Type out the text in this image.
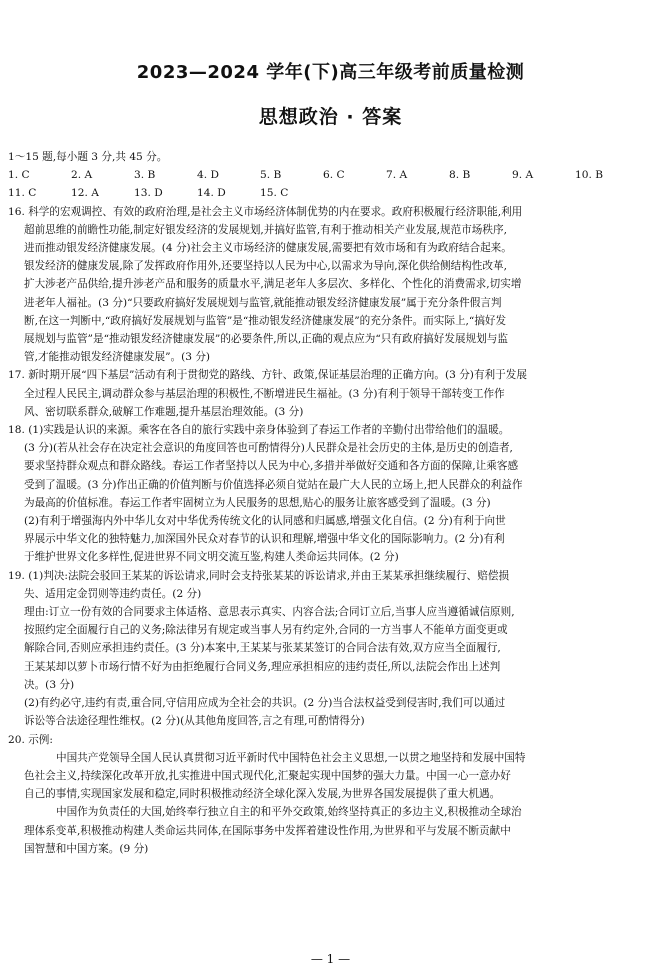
2023—2024 学年(下)高三年级考前质量检测
思想政治 · 答案
1～15 题,每小题 3 分,共 45 分。
1. C	2. A	3. B	4. D	5. B	6. C	7. A	8. B	9. A	10. B
11. C	12. A	13. D	14. D	15. C
16. 科学的宏观调控、有效的政府治理,是社会主义市场经济体制优势的内在要求。政府积极履行经济职能,利用
超前思维的前瞻性功能,制定好银发经济的发展规划,并搞好监管,有利于推动相关产业发展,规范市场秩序,
进而推动银发经济健康发展。(4 分)社会主义市场经济的健康发展,需要把有效市场和有为政府结合起来。
银发经济的健康发展,除了发挥政府作用外,还要坚持以人民为中心,以需求为导向,深化供给侧结构性改革,
扩大涉老产品供给,提升涉老产品和服务的质量水平,满足老年人多层次、多样化、个性化的消费需求,切实增
进老年人福祉。(3 分)“只要政府搞好发展规划与监管,就能推动银发经济健康发展”属于充分条件假言判
断,在这一判断中,“政府搞好发展规划与监管”是“推动银发经济健康发展”的充分条件。而实际上,“搞好发
展规划与监管”是“推动银发经济健康发展”的必要条件,所以,正确的观点应为“只有政府搞好发展规划与监
管,才能推动银发经济健康发展”。(3 分)
17. 新时期开展“四下基层”活动有利于贯彻党的路线、方针、政策,保证基层治理的正确方向。(3 分)有利于发展
全过程人民民主,调动群众参与基层治理的积极性,不断增进民生福祉。(3 分)有利于领导干部转变工作作
风、密切联系群众,破解工作难题,提升基层治理效能。(3 分)
18. (1)实践是认识的来源。乘客在各自的旅行实践中亲身体验到了春运工作者的辛勤付出带给他们的温暖。
(3 分)(若从社会存在决定社会意识的角度回答也可酌情得分)人民群众是社会历史的主体,是历史的创造者,
要求坚持群众观点和群众路线。春运工作者坚持以人民为中心,多措并举做好交通和各方面的保障,让乘客感
受到了温暖。(3 分)作出正确的价值判断与价值选择必须自觉站在最广大人民的立场上,把人民群众的利益作
为最高的价值标准。春运工作者牢固树立为人民服务的思想,贴心的服务让旅客感受到了温暖。(3 分)
(2)有利于增强海内外中华儿女对中华优秀传统文化的认同感和归属感,增强文化自信。(2 分)有利于向世
界展示中华文化的独特魅力,加深国外民众对春节的认识和理解,增强中华文化的国际影响力。(2 分)有利
于维护世界文化多样性,促进世界不同文明交流互鉴,构建人类命运共同体。(2 分)
19. (1)判决:法院会驳回王某某的诉讼请求,同时会支持张某某的诉讼请求,并由王某某承担继续履行、赔偿损
失、适用定金罚则等违约责任。(2 分)
理由:订立一份有效的合同要求主体适格、意思表示真实、内容合法;合同订立后,当事人应当遵循诚信原则,
按照约定全面履行自己的义务;除法律另有规定或当事人另有约定外,合同的一方当事人不能单方面变更或
解除合同,否则应承担违约责任。(3 分)本案中,王某某与张某某签订的合同合法有效,双方应当全面履行,
王某某却以萝卜市场行情不好为由拒绝履行合同义务,理应承担相应的违约责任,所以,法院会作出上述判
决。(3 分)
(2)有约必守,违约有责,重合同,守信用应成为全社会的共识。(2 分)当合法权益受到侵害时,我们可以通过
诉讼等合法途径理性维权。(2 分)(从其他角度回答,言之有理,可酌情得分)
20. 示例:
中国共产党领导全国人民认真贯彻习近平新时代中国特色社会主义思想,一以贯之地坚持和发展中国特
色社会主义,持续深化改革开放,扎实推进中国式现代化,汇聚起实现中国梦的强大力量。中国一心一意办好
自己的事情,实现国家发展和稳定,同时积极推动经济全球化深入发展,为世界各国发展提供了重大机遇。
中国作为负责任的大国,始终奉行独立自主的和平外交政策,始终坚持真正的多边主义,积极推动全球治
理体系变革,积极推动构建人类命运共同体,在国际事务中发挥着建设性作用,为世界和平与发展不断贡献中
国智慧和中国方案。(9 分)
— 1 —
